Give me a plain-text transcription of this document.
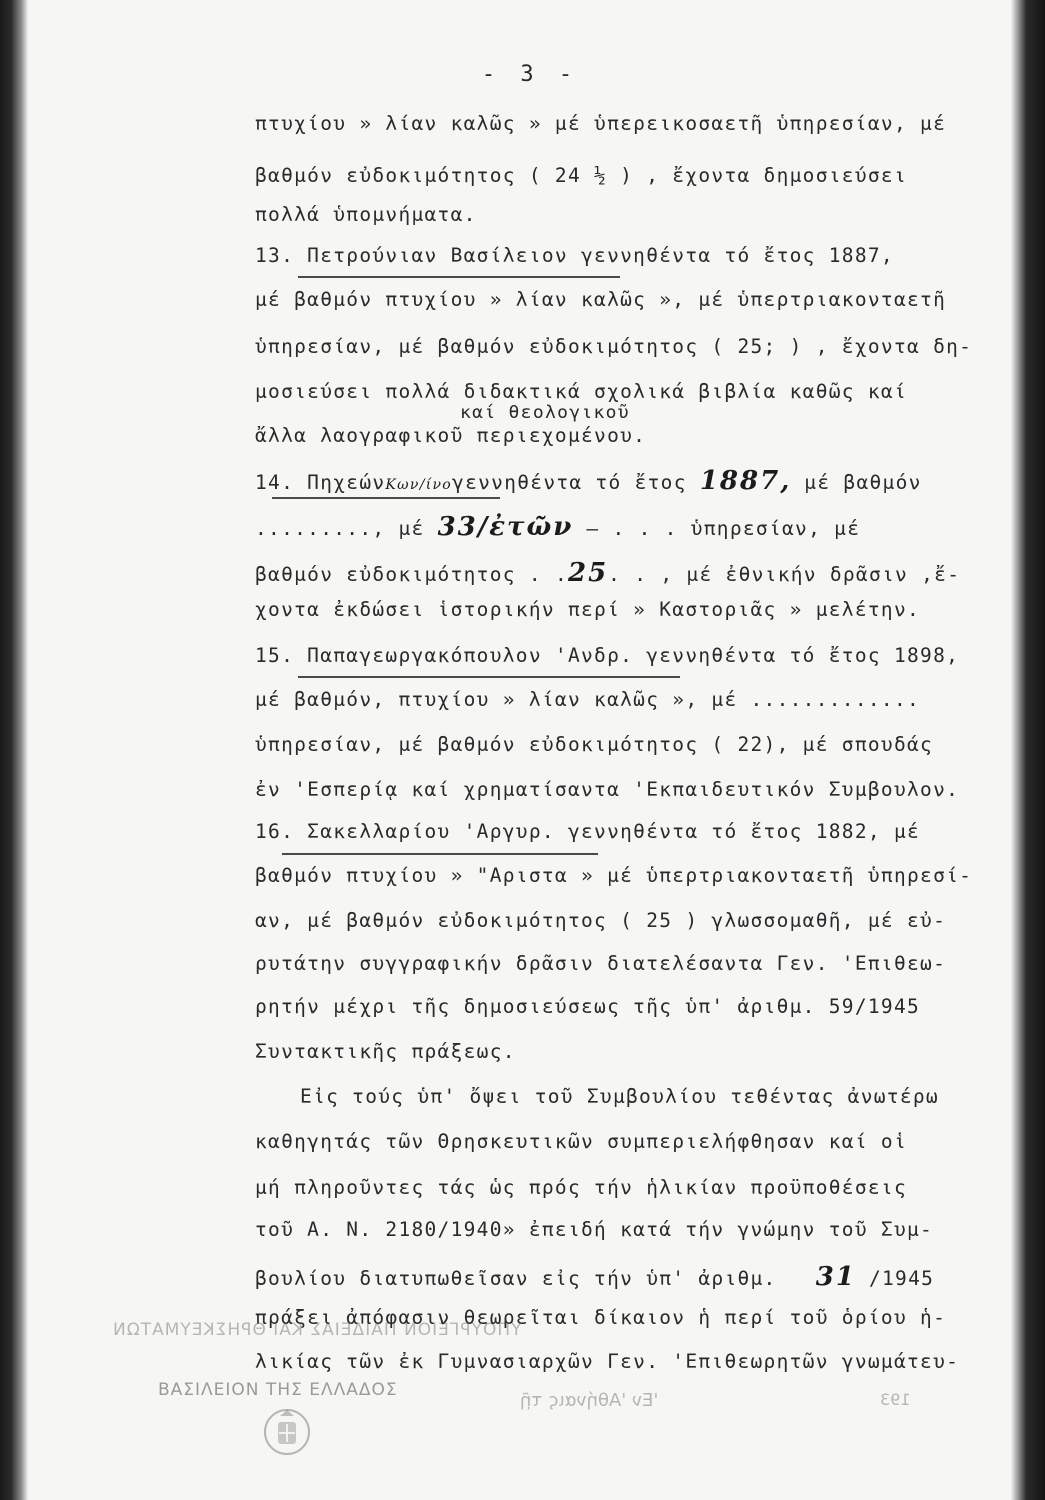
- 3 -
πτυχίου » λίαν καλῶς » μέ ὑπερεικοσαετῆ ὑπηρεσίαν, μέ
βαθμόν εὐδοκιμότητος ( 24 ½ ) , ἔχοντα δημοσιεύσει
πολλά ὑπομνήματα.
13. Πετρούνιαν Βασίλειον γεννηθέντα τό ἔτος 1887,
μέ βαθμόν πτυχίου » λίαν καλῶς », μέ ὑπερτριακονταετῆ
ὑπηρεσίαν, μέ βαθμόν εὐδοκιμότητος ( 25; ) , ἔχοντα δη-
μοσιεύσει πολλά διδακτικά σχολικά βιβλία καθῶς καί
καί θεολογικοῦ
ἄλλα λαογραφικοῦ περιεχομένου.
14. ΠηχεώνΚων/ίνογεννηθέντα τό ἔτος 1887, μέ βαθμόν
........., μέ 33/ἐτῶν — . . . ὑπηρεσίαν, μέ
βαθμόν εὐδοκιμότητος . .25. . , μέ ἐθνικήν δρᾶσιν ,ἔ-
χοντα ἐκδώσει ἱστορικήν περί » Καστοριᾶς » μελέτην.
15. Παπαγεωργακόπουλον 'Ανδρ. γεννηθέντα τό ἔτος 1898,
μέ βαθμόν, πτυχίου » λίαν καλῶς », μέ .............
ὑπηρεσίαν, μέ βαθμόν εὐδοκιμότητος ( 22), μέ σπουδάς
ἐν 'Εσπερίᾳ καί χρηματίσαντα 'Εκπαιδευτικόν Συμβουλον.
16. Σακελλαρίου 'Αργυρ. γεννηθέντα τό ἔτος 1882, μέ
βαθμόν πτυχίου » "Αριστα » μέ ὑπερτριακονταετῆ ὑπηρεσί-
αν, μέ βαθμόν εὐδοκιμότητος ( 25 ) γλωσσομαθῆ, μέ εὐ-
ρυτάτην συγγραφικήν δρᾶσιν διατελέσαντα Γεν. 'Επιθεω-
ρητήν μέχρι τῆς δημοσιεύσεως τῆς ὑπ' ἀριθμ. 59/1945
Συντακτικῆς πράξεως.
Εἰς τούς ὑπ' ὄψει τοῦ Συμβουλίου τεθέντας ἀνωτέρω
καθηγητάς τῶν Θρησκευτικῶν συμπεριελήφθησαν καί οἱ
μή πληροῦντες τάς ὡς πρός τήν ἡλικίαν προϋποθέσεις
τοῦ Α. Ν. 2180/1940» ἐπειδή κατά τήν γνώμην τοῦ Συμ-
βουλίου διατυπωθεῖσαν εἰς τήν ὑπ' ἀριθμ. 31 /1945
πράξει ἀπόφασιν θεωρεῖται δίκαιον ἡ περί τοῦ ὁρίου ἡ-
λικίας τῶν ἐκ Γυμνασιαρχῶν Γεν. 'Επιθεωρητῶν γνωμάτευ-
ΥΠΟΥΡΓΕΙΟΝ ΠΑΙΔΕΙΑΣ ΚΑΙ ΘΡΗΣΚΕΥΜΑΤΩΝ
ΒΑΣΙΛΕΙΟΝ ΤΗΣ ΕΛΛΑΔΟΣ	'Εν 'Αθήναις τῇ	193
